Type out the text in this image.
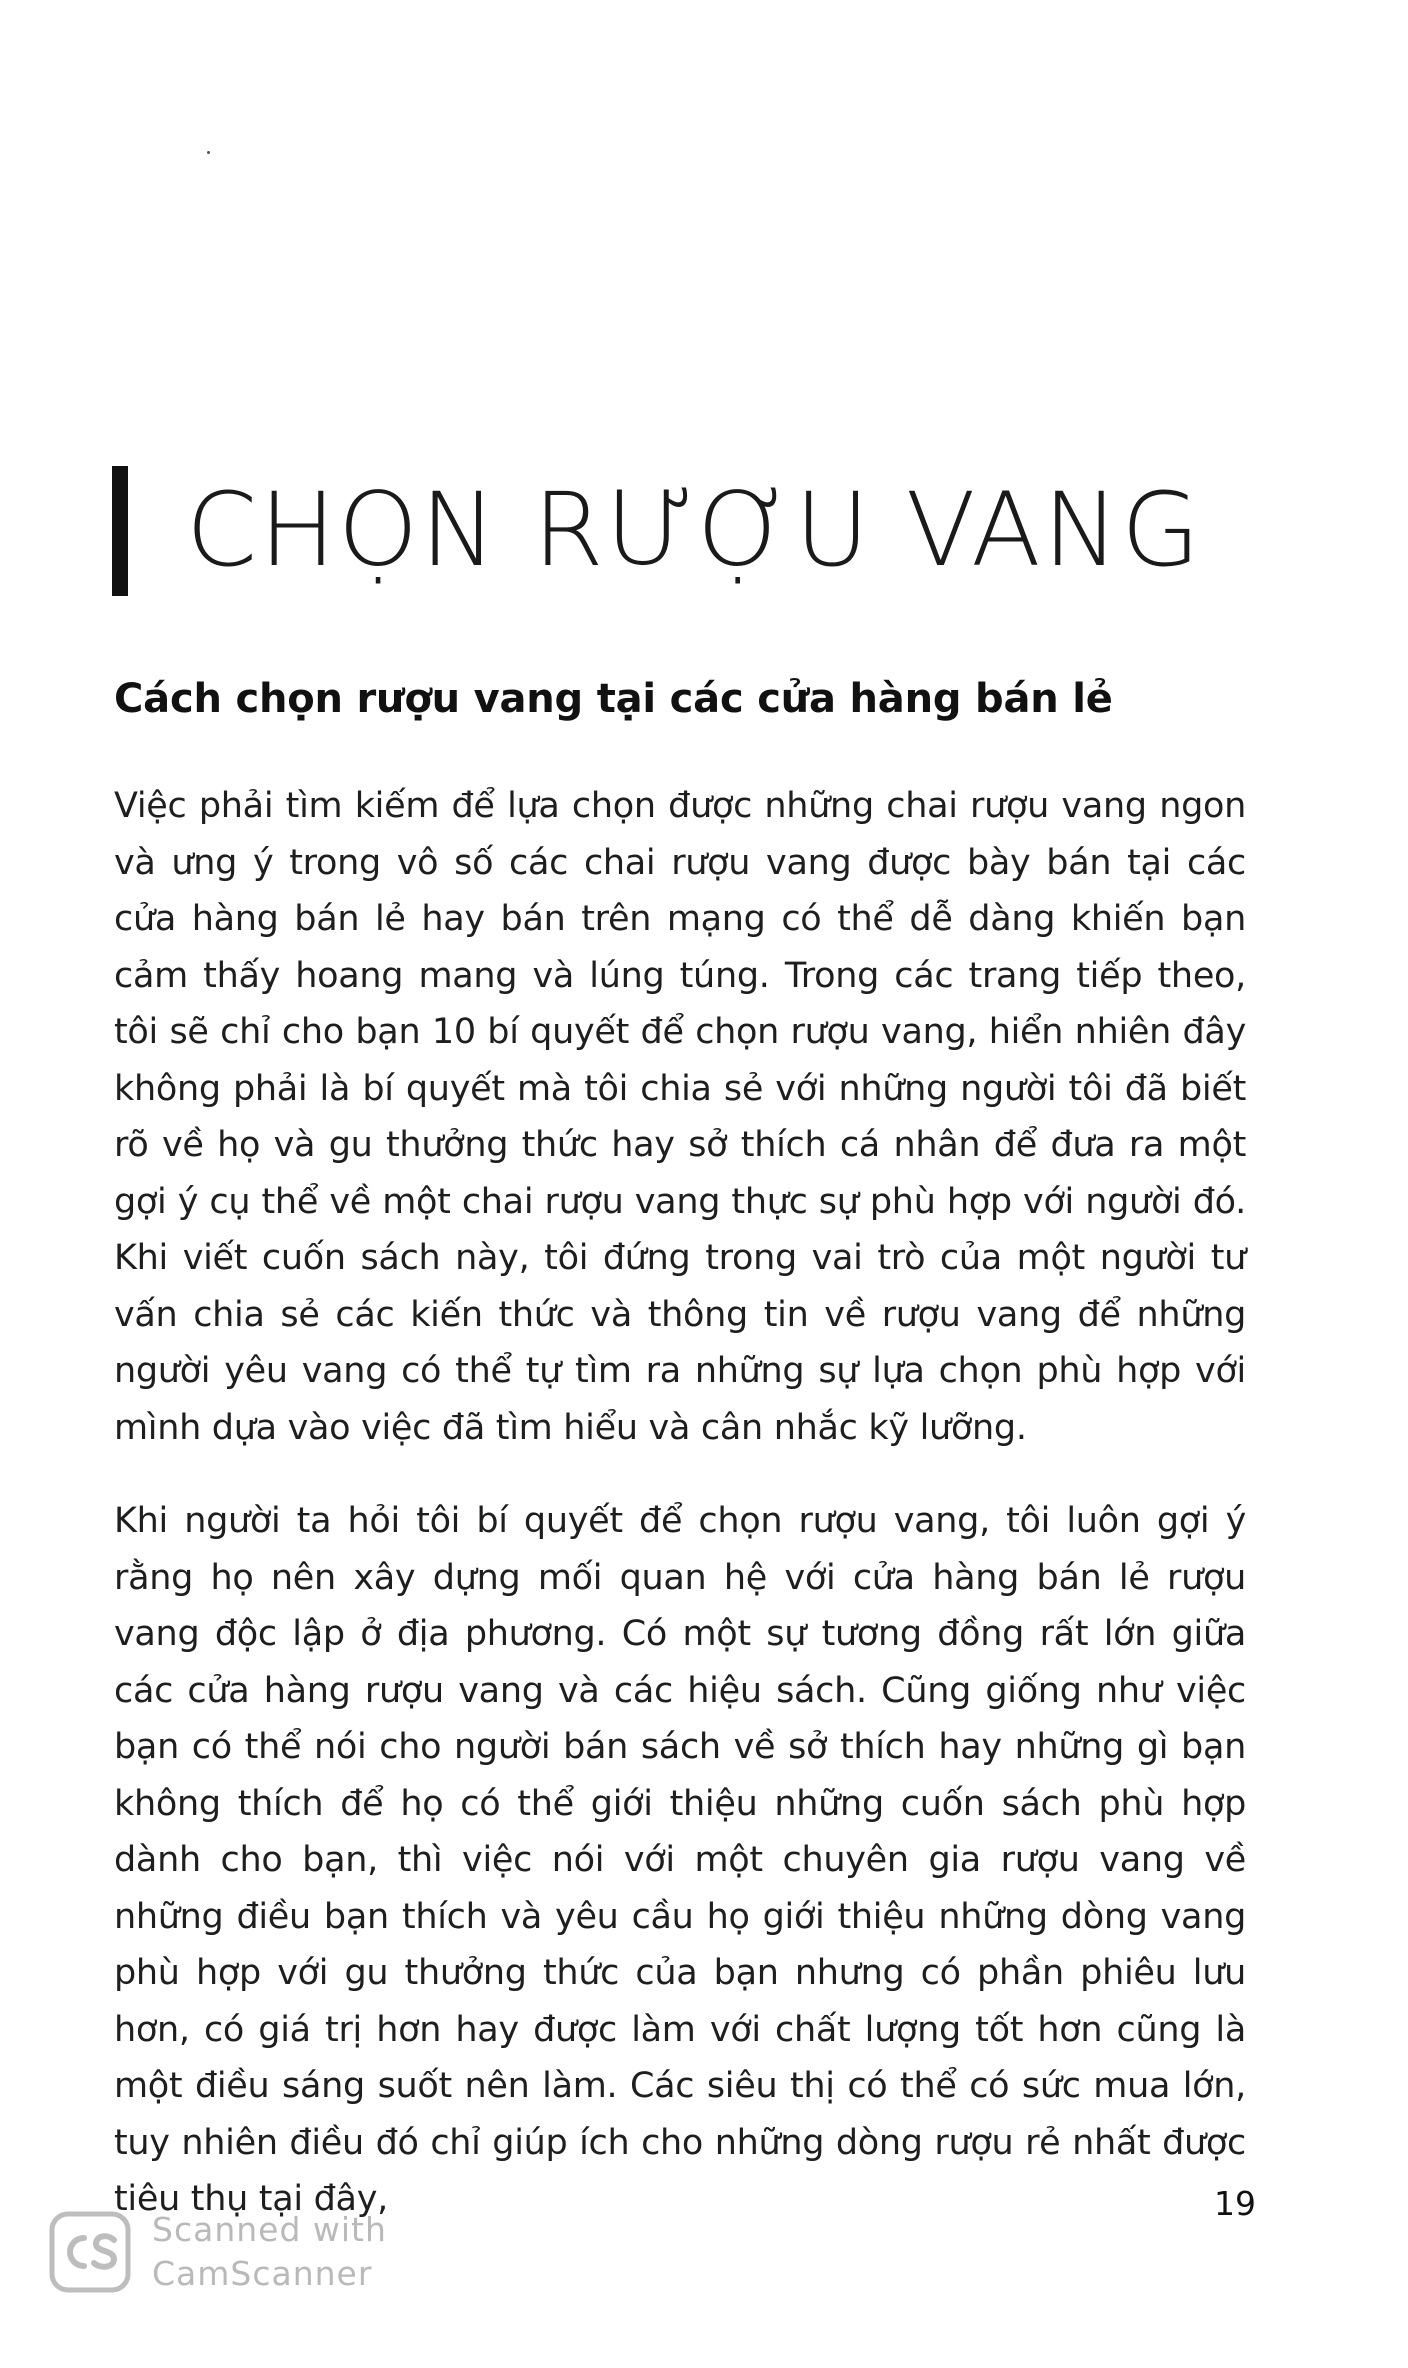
CHỌN RƯỢU VANG
Cách chọn rượu vang tại các cửa hàng bán lẻ

Việc phải tìm kiếm để lựa chọn được những chai rượu vang ngon và ưng ý trong vô số các chai rượu vang được bày bán tại các cửa hàng bán lẻ hay bán trên mạng có thể dễ dàng khiến bạn cảm thấy hoang mang và lúng túng. Trong các trang tiếp theo, tôi sẽ chỉ cho bạn 10 bí quyết để chọn rượu vang, hiển nhiên đây không phải là bí quyết mà tôi chia sẻ với những người tôi đã biết rõ về họ và gu thưởng thức hay sở thích cá nhân để đưa ra một gợi ý cụ thể về một chai rượu vang thực sự phù hợp với người đó. Khi viết cuốn sách này, tôi đứng trong vai trò của một người tư vấn chia sẻ các kiến thức và thông tin về rượu vang để những người yêu vang có thể tự tìm ra những sự lựa chọn phù hợp với mình dựa vào việc đã tìm hiểu và cân nhắc kỹ lưỡng.

Khi người ta hỏi tôi bí quyết để chọn rượu vang, tôi luôn gợi ý rằng họ nên xây dựng mối quan hệ với cửa hàng bán lẻ rượu vang độc lập ở địa phương. Có một sự tương đồng rất lớn giữa các cửa hàng rượu vang và các hiệu sách. Cũng giống như việc bạn có thể nói cho người bán sách về sở thích hay những gì bạn không thích để họ có thể giới thiệu những cuốn sách phù hợp dành cho bạn, thì việc nói với một chuyên gia rượu vang về những điều bạn thích và yêu cầu họ giới thiệu những dòng vang phù hợp với gu thưởng thức của bạn nhưng có phần phiêu lưu hơn, có giá trị hơn hay được làm với chất lượng tốt hơn cũng là một điều sáng suốt nên làm. Các siêu thị có thể có sức mua lớn, tuy nhiên điều đó chỉ giúp ích cho những dòng rượu rẻ nhất được tiêu thụ tại đây,	19
Scanned with
CamScanner
